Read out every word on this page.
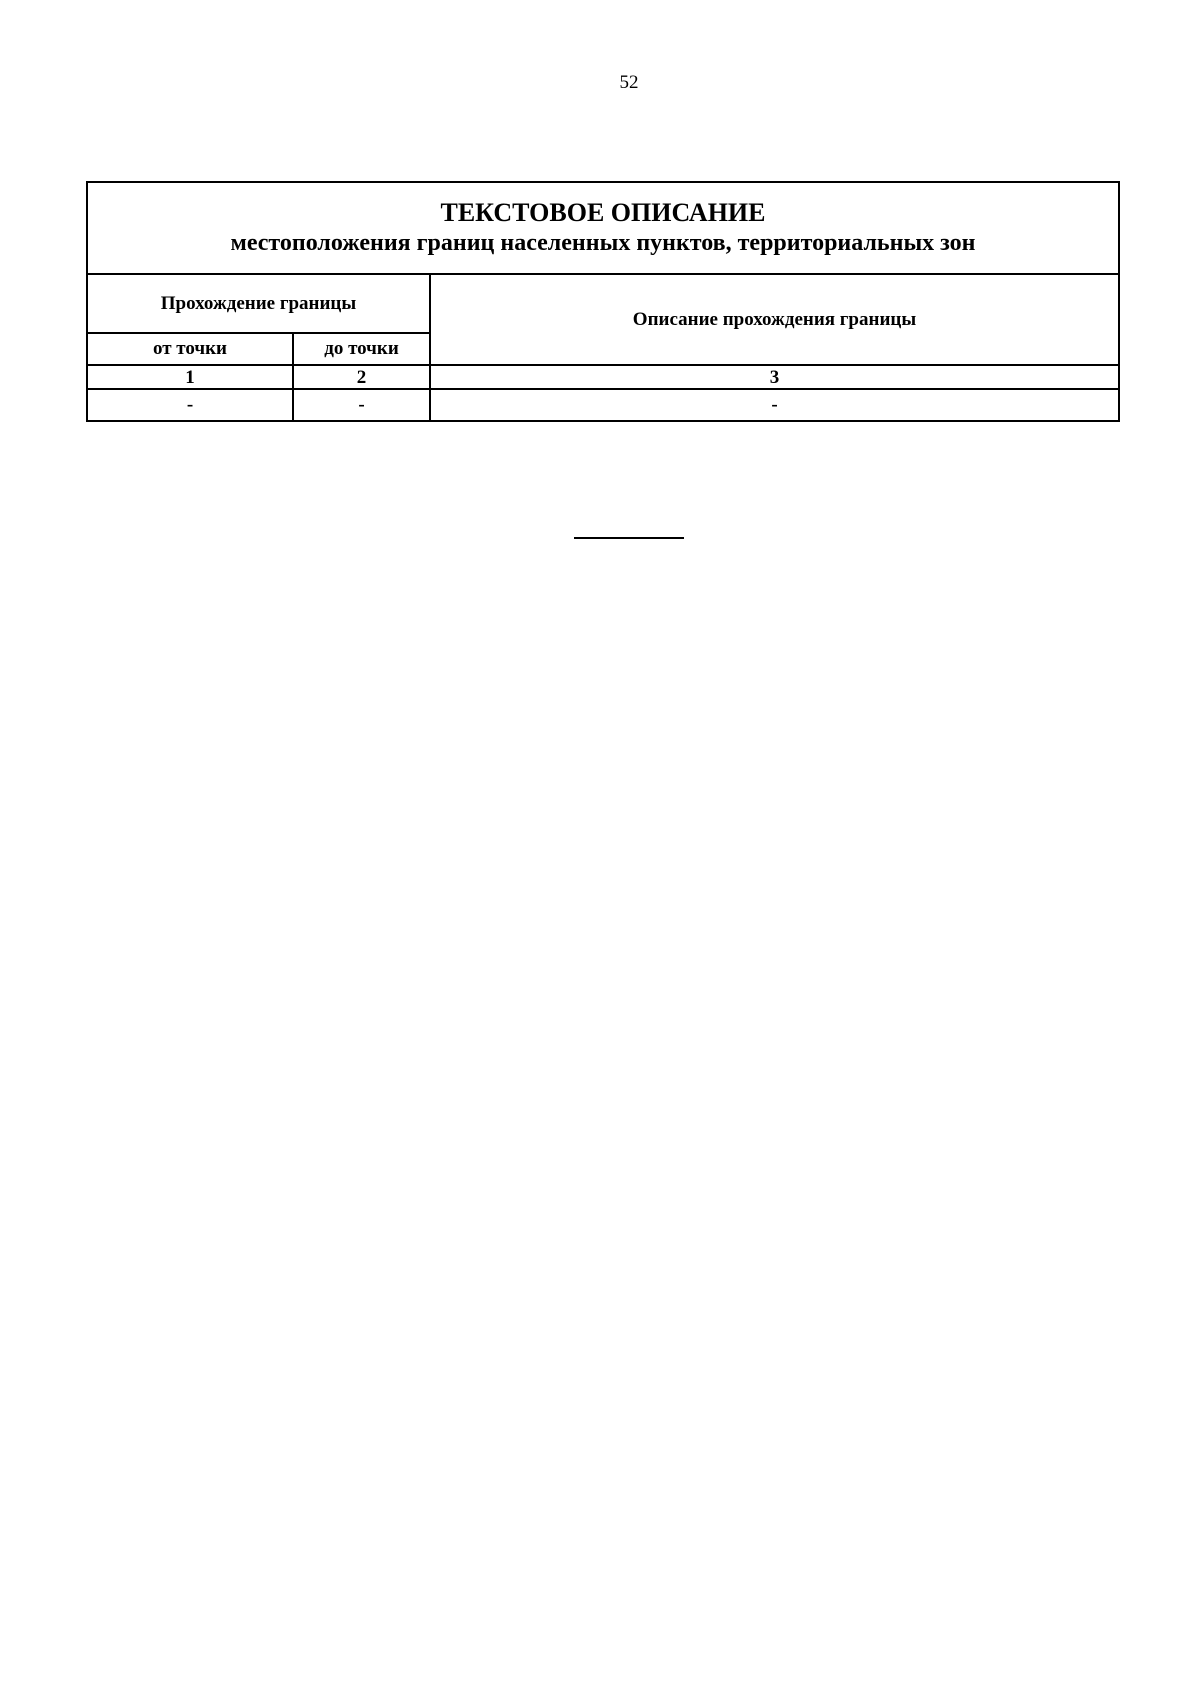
52
ТЕКСТОВОЕ ОПИСАНИЕ
местоположения границ населенных пунктов, территориальных зон		

Прохождение границы		Описание прохождения границы
от точки	до точки	
1	2	3
-	-	-
